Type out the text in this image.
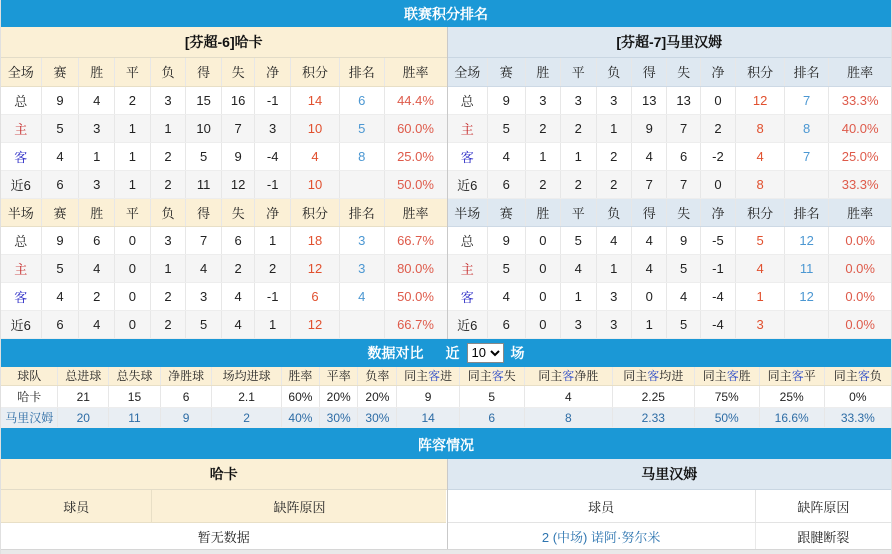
联赛积分排名
[芬超-6]哈卡
全场	赛	胜	平	负	得	失	净	积分	排名	胜率
总	9	4	2	3	15	16	-1	14	6	44.4%
主	5	3	1	1	10	7	3	10	5	60.0%
客	4	1	1	2	5	9	-4	4	8	25.0%
近6	6	3	1	2	11	12	-1	10		50.0%
半场	赛	胜	平	负	得	失	净	积分	排名	胜率
总	9	6	0	3	7	6	1	18	3	66.7%
主	5	4	0	1	4	2	2	12	3	80.0%
客	4	2	0	2	3	4	-1	6	4	50.0%
近6	6	4	0	2	5	4	1	12		66.7%
[芬超-7]马里汉姆
全场	赛	胜	平	负	得	失	净	积分	排名	胜率
总	9	3	3	3	13	13	0	12	7	33.3%
主	5	2	2	1	9	7	2	8	8	40.0%
客	4	1	1	2	4	6	-2	4	7	25.0%
近6	6	2	2	2	7	7	0	8		33.3%
半场	赛	胜	平	负	得	失	净	积分	排名	胜率
总	9	0	5	4	4	9	-5	5	12	0.0%
主	5	0	4	1	4	5	-1	4	11	0.0%
客	4	0	1	3	0	4	-4	1	12	0.0%
近6	6	0	3	3	1	5	-4	3		0.0%
数据对比 近
10	场
球队	总进球	总失球	净胜球	场均进球	胜率	平率	负率	同主客进	同主客失	同主客净胜	同主客均进	同主客胜	同主客平	同主客负
哈卡	21	15	6	2.1	60%	20%	20%	9	5	4	2.25	75%	25%	0%
马里汉姆	20	11	9	2	40%	30%	30%	14	6	8	2.33	50%	16.6%	33.3%
阵容情况
哈卡
球员	缺阵原因
暂无数据
马里汉姆
球员	缺阵原因
2 (中场) 诺阿·努尔米	跟腱断裂
